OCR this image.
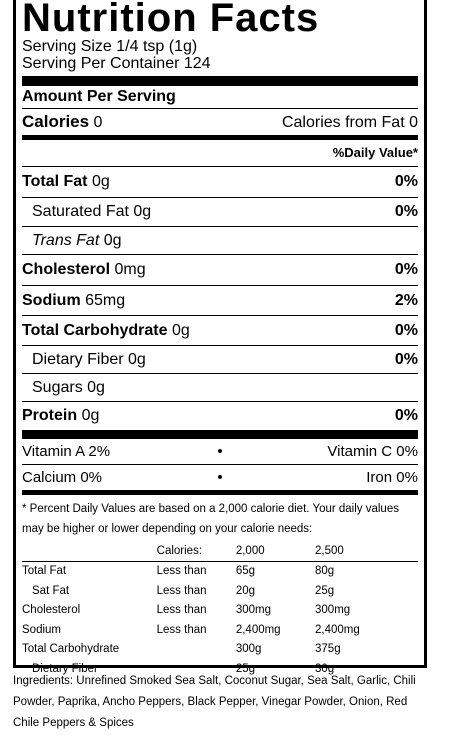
Nutrition Facts
Serving Size 1/4 tsp (1g)
Serving Per Container 124
Amount Per Serving
Calories 0	Calories from Fat 0
%Daily Value*
Total Fat 0g	0%
Saturated Fat 0g	0%
Trans Fat 0g
Cholesterol 0mg	0%
Sodium 65mg	2%
Total Carbohydrate 0g	0%
Dietary Fiber 0g	0%
Sugars 0g
Protein 0g	0%
Vitamin A 2%	•	Vitamin C 0%
Calcium 0%	•	Iron 0%
* Percent Daily Values are based on a 2,000 calorie diet. Your daily values may be higher or lower depending on your calorie needs:
	Calories:	2,000	2,500
Total Fat	Less than	65g	80g
Sat Fat	Less than	20g	25g
Cholesterol	Less than	300mg	300mg
Sodium	Less than	2,400mg	2,400mg
Total Carbohydrate		300g	375g
Dietary Fiber		25g	30g
Ingredients: Unrefined Smoked Sea Salt, Coconut Sugar, Sea Salt, Garlic, Chili Powder, Paprika, Ancho Peppers, Black Pepper, Vinegar Powder, Onion, Red Chile Peppers & Spices
